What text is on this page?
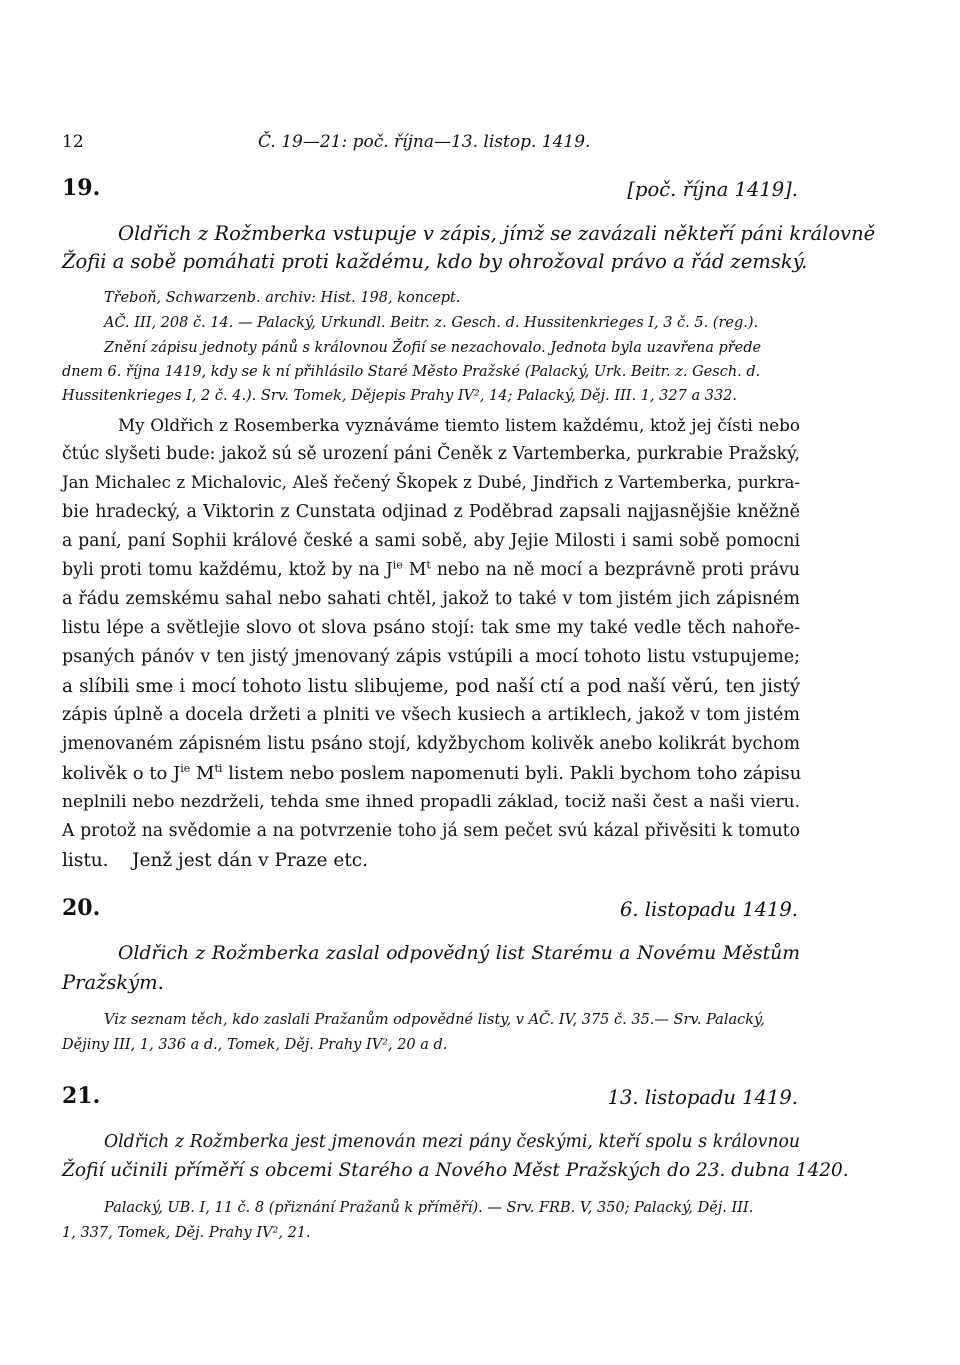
12	Č. 19—21: poč. října—13. listop. 1419.
19.	[poč. října 1419].
Oldřich z Rožmberka vstupuje v zápis, jímž se zavázali někteří páni královně
Žofii a sobě pomáhati proti každému, kdo by ohrožoval právo a řád zemský.
Třeboň, Schwarzenb. archiv: Hist. 198, koncept.
AČ. III, 208 č. 14. — Palacký, Urkundl. Beitr. z. Gesch. d. Hussitenkrieges I, 3 č. 5. (reg.).
Znění zápisu jednoty pánů s královnou Žofií se nezachovalo. Jednota byla uzavřena přede
dnem 6. října 1419, kdy se k ní přihlásilo Staré Město Pražské (Palacký, Urk. Beitr. z. Gesch. d.
Hussitenkrieges I, 2 č. 4.). Srv. Tomek, Dějepis Prahy IV², 14; Palacký, Děj. III. 1, 327 a 332.
My Oldřich z Rosemberka vyznáváme tiemto listem každému, ktož jej čísti nebo
čtúc slyšeti bude: jakož sú sě urození páni Čeněk z Vartemberka, purkrabie Pražský,
Jan Michalec z Michalovic, Aleš řečený Škopek z Dubé, Jindřich z Vartemberka, purkra-
bie hradecký, a Viktorin z Cunstata odjinad z Poděbrad zapsali najjasnějšie kněžně
a paní, paní Sophii králové české a sami sobě, aby Jejie Milosti i sami sobě pomocni
byli proti tomu každému, ktož by na $J^{ie}$ $M^t$ nebo na ně mocí a bezprávně proti právu
a řádu zemskému sahal nebo sahati chtěl, jakož to také v tom jistém jich zápisném
listu lépe a světlejie slovo ot slova psáno stojí: tak sme my také vedle těch nahoře-
psaných pánóv v ten jistý jmenovaný zápis vstúpili a mocí tohoto listu vstupujeme;
a slíbili sme i mocí tohoto listu slibujeme, pod naší ctí a pod naší věrú, ten jistý
zápis úplně a docela držeti a plniti ve všech kusiech a artiklech, jakož v tom jistém
jmenovaném zápisném listu psáno stojí, kdyžbychom kolivěk anebo kolikrát bychom
kolivěk o to $J^{ie}$ $M^{ti}$ listem nebo poslem napomenuti byli. Pakli bychom toho zápisu
neplnili nebo nezdrželi, tehda sme ihned propadli základ, tociž naši čest a naši vieru.
A protož na svědomie a na potvrzenie toho já sem pečet svú kázal přivěsiti k tomuto
listu.    Jenž jest dán v Praze etc.
20.	6. listopadu 1419.
Oldřich z Rožmberka zaslal odpovědný list Starému a Novému Městům
Pražským.
Viz seznam těch, kdo zaslali Pražanům odpovědné listy, v AČ. IV, 375 č. 35.— Srv. Palacký,
Dějiny III, 1, 336 a d., Tomek, Děj. Prahy IV², 20 a d.
21.	13. listopadu 1419.
Oldřich z Rožmberka jest jmenován mezi pány českými, kteří spolu s královnou
Žofií učinili příměří s obcemi Starého a Nového Měst Pražských do 23. dubna 1420.
Palacký, UB. I, 11 č. 8 (přiznání Pražanů k příměří). — Srv. FRB. V, 350; Palacký, Děj. III.
1, 337, Tomek, Děj. Prahy IV², 21.
